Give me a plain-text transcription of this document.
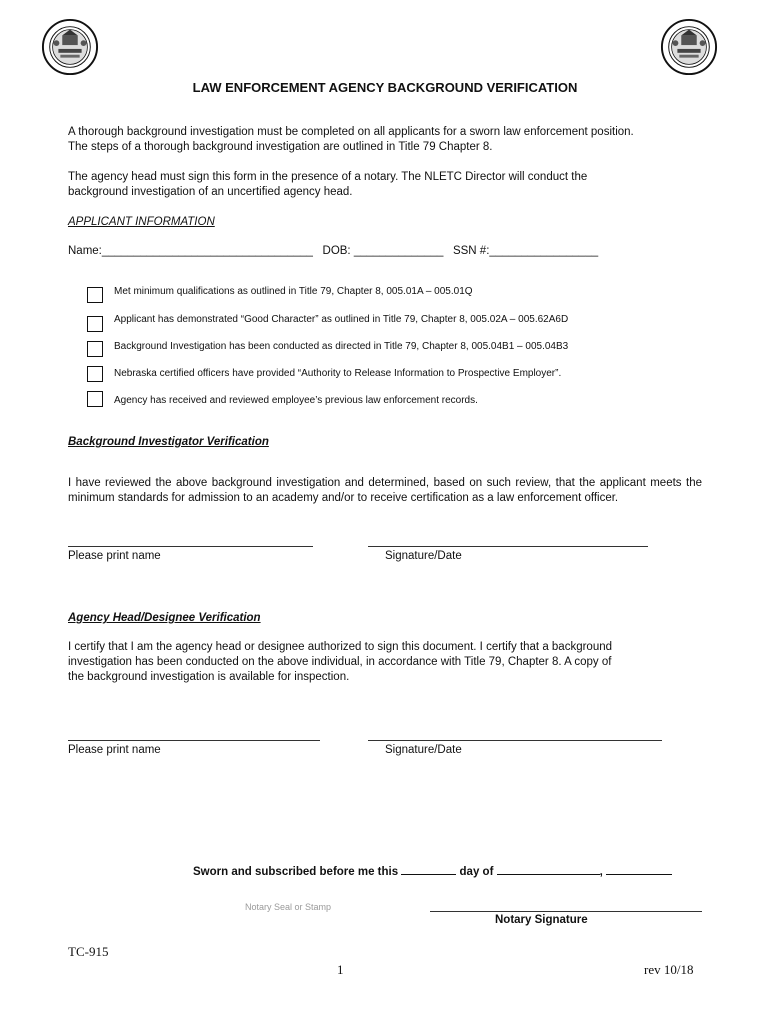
LAW ENFORCEMENT AGENCY BACKGROUND VERIFICATION
A thorough background investigation must be completed on all applicants for a sworn law enforcement position.
The steps of a thorough background investigation are outlined in Title 79 Chapter 8.
The agency head must sign this form in the presence of a notary. The NLETC Director will conduct the
background investigation of an uncertified agency head.
APPLICANT INFORMATION
Name:_________________________________   DOB: ______________   SSN #:_________________
Met minimum qualifications as outlined in Title 79, Chapter 8, 005.01A – 005.01Q
Applicant has demonstrated “Good Character” as outlined in Title 79, Chapter 8, 005.02A – 005.62A6D
Background Investigation has been conducted as directed in Title 79, Chapter 8, 005.04B1 – 005.04B3
Nebraska certified officers have provided “Authority to Release Information to Prospective Employer”.
Agency has received and reviewed employee’s previous law enforcement records.
Background Investigator Verification
I have reviewed the above background investigation and determined, based on such review, that the applicant meets the minimum standards for admission to an academy and/or to receive certification as a law enforcement officer.
Please print name	Signature/Date
Agency Head/Designee Verification
I certify that I am the agency head or designee authorized to sign this document. I certify that a background
investigation has been conducted on the above individual, in accordance with Title 79, Chapter 8. A copy of
the background investigation is available for inspection.
Please print name	Signature/Date
Sworn and subscribed before me this	day of	,
Notary Seal or Stamp
Notary Signature
TC-915
1	rev 10/18
